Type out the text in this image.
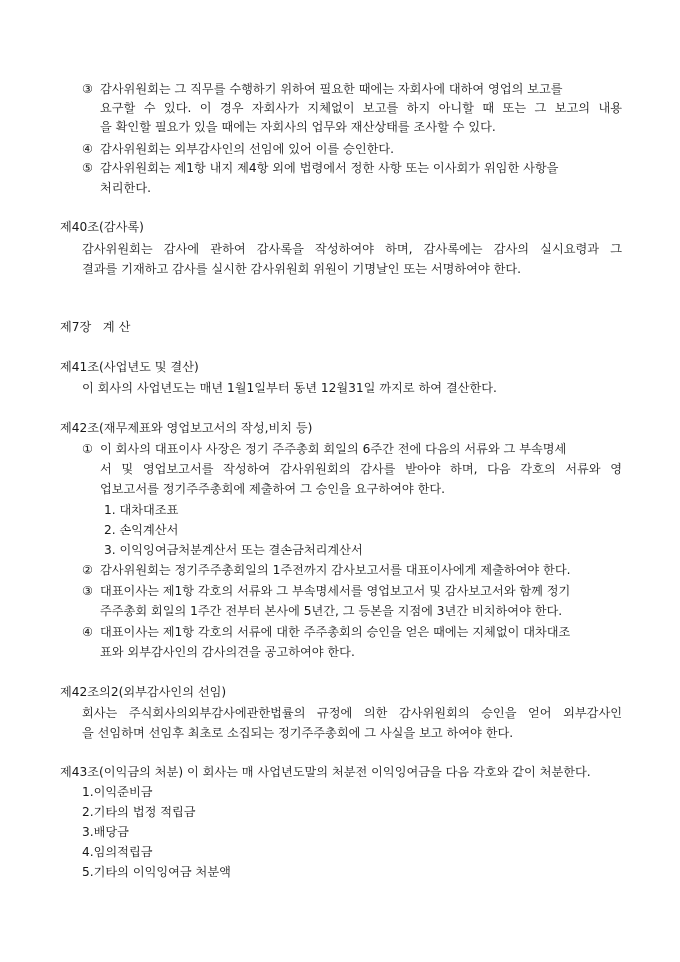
③ 감사위원회는 그 직무를 수행하기 위하여 필요한 때에는 자회사에 대하여 영업의 보고를
요구할 수 있다. 이 경우 자회사가 지체없이 보고를 하지 아니할 때 또는 그 보고의 내용
을 확인할 필요가 있을 때에는 자회사의 업무와 재산상태를 조사할 수 있다.
④ 감사위원회는 외부감사인의 선임에 있어 이를 승인한다.
⑤ 감사위원회는 제1항 내지 제4항 외에 법령에서 정한 사항 또는 이사회가 위임한 사항을
처리한다.
제40조(감사록)
감사위원회는 감사에 관하여 감사록을 작성하여야 하며, 감사록에는 감사의 실시요령과 그
결과를 기재하고 감사를 실시한 감사위원회 위원이 기명날인 또는 서명하여야 한다.
제7장   계 산
제41조(사업년도 및 결산)
이 회사의 사업년도는 매년 1월1일부터 동년 12월31일 까지로 하여 결산한다.
제42조(재무제표와 영업보고서의 작성,비치 등)
① 이 회사의 대표이사 사장은 정기 주주총회 회일의 6주간 전에 다음의 서류와 그 부속명세
서 및 영업보고서를 작성하여 감사위원회의 감사를 받아야 하며, 다음 각호의 서류와 영
업보고서를 정기주주총회에 제출하여 그 승인을 요구하여야 한다.
1. 대차대조표
2. 손익계산서
3. 이익잉여금처분계산서 또는 결손금처리계산서
② 감사위원회는 정기주주총회일의 1주전까지 감사보고서를 대표이사에게 제출하여야 한다.
③ 대표이사는 제1항 각호의 서류와 그 부속명세서를 영업보고서 및 감사보고서와 함께 정기
주주총회 회일의 1주간 전부터 본사에 5년간, 그 등본을 지점에 3년간 비치하여야 한다.
④ 대표이사는 제1항 각호의 서류에 대한 주주총회의 승인을 얻은 때에는 지체없이 대차대조
표와 외부감사인의 감사의견을 공고하여야 한다.
제42조의2(외부감사인의 선임)
회사는 주식회사의외부감사에관한법률의 규정에 의한 감사위원회의 승인을 얻어 외부감사인
을 선임하며 선임후 최초로 소집되는 정기주주총회에 그 사실을 보고 하여야 한다.
제43조(이익금의 처분) 이 회사는 매 사업년도말의 처분전 이익잉여금을 다음 각호와 같이 처분한다.
1.이익준비금
2.기타의 법정 적립금
3.배당금
4.임의적립금
5.기타의 이익잉여금 처분액
